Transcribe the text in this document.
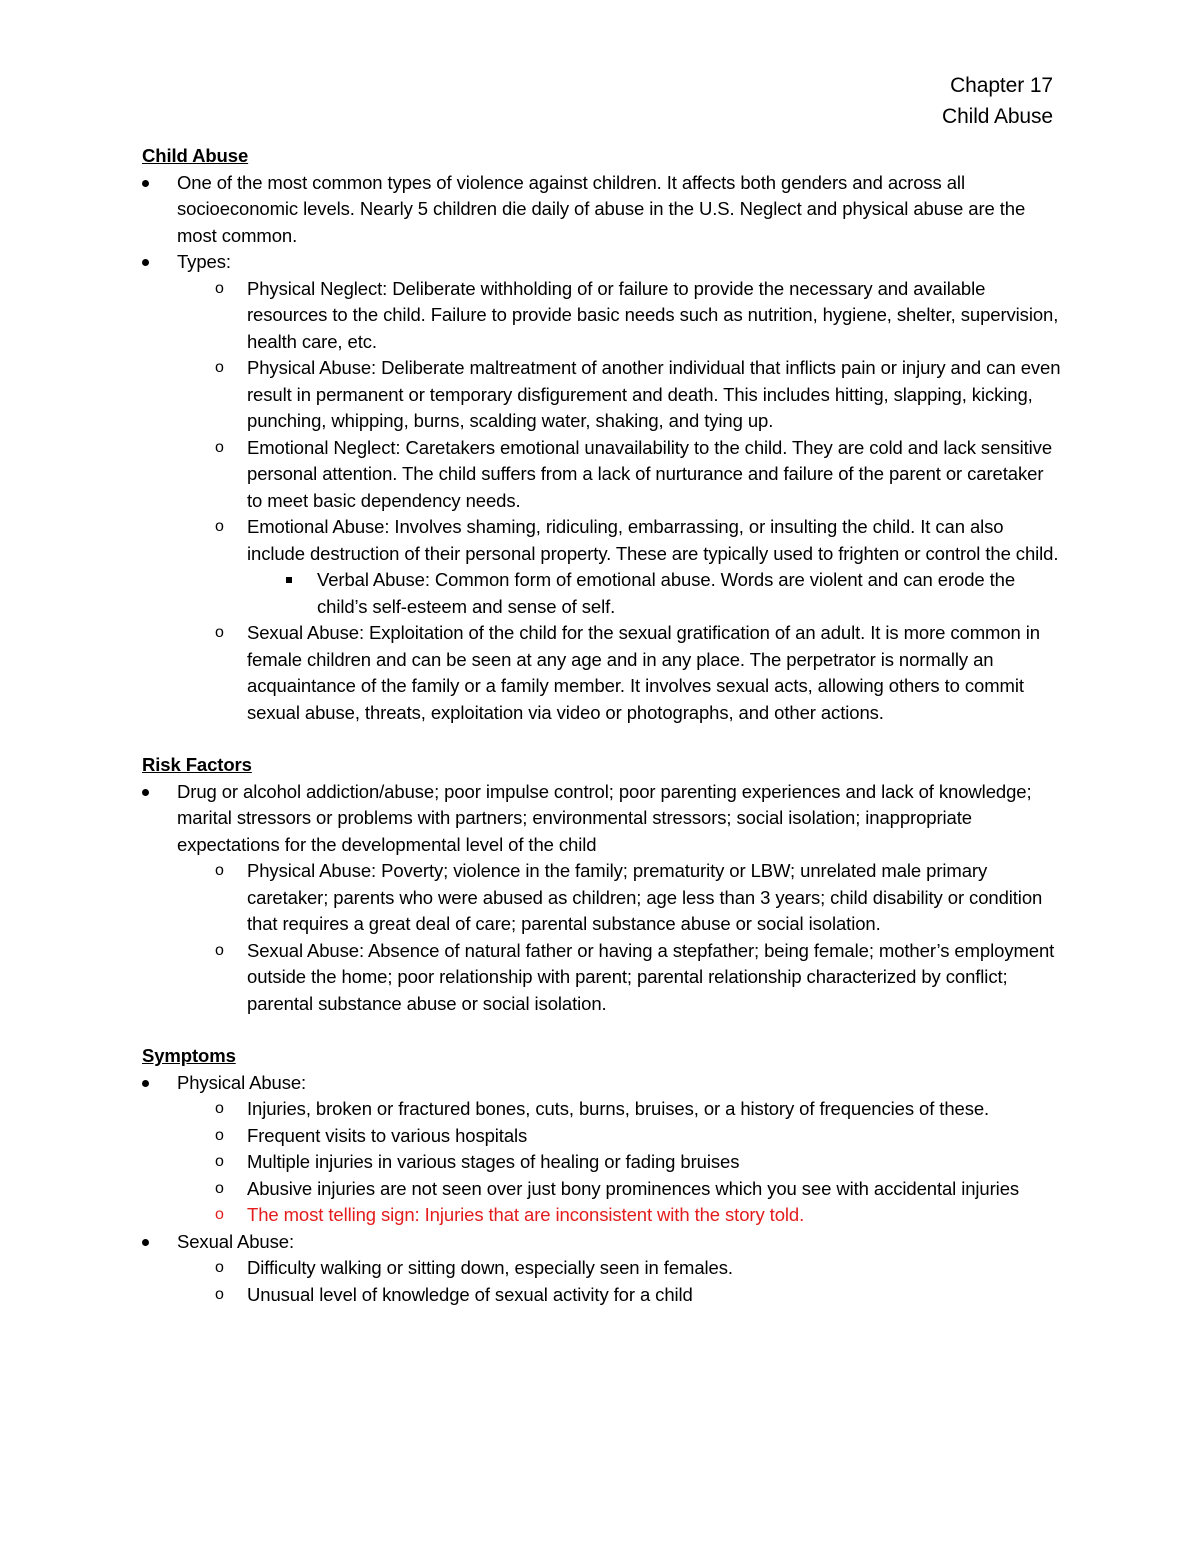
Chapter 17
Child Abuse
Child Abuse
One of the most common types of violence against children. It affects both genders and across all socioeconomic levels. Nearly 5 children die daily of abuse in the U.S. Neglect and physical abuse are the most common.
Types:
o
Physical Neglect: Deliberate withholding of or failure to provide the necessary and available resources to the child. Failure to provide basic needs such as nutrition, hygiene, shelter, supervision, health care, etc.
o
Physical Abuse: Deliberate maltreatment of another individual that inflicts pain or injury and can even result in permanent or temporary disfigurement and death. This includes hitting, slapping, kicking, punching, whipping, burns, scalding water, shaking, and tying up.
o
Emotional Neglect: Caretakers emotional unavailability to the child. They are cold and lack sensitive personal attention. The child suffers from a lack of nurturance and failure of the parent or caretaker to meet basic dependency needs.
o
Emotional Abuse: Involves shaming, ridiculing, embarrassing, or insulting the child. It can also include destruction of their personal property. These are typically used to frighten or control the child.
Verbal Abuse: Common form of emotional abuse. Words are violent and can erode the child’s self-esteem and sense of self.
o
Sexual Abuse: Exploitation of the child for the sexual gratification of an adult. It is more common in female children and can be seen at any age and in any place. The perpetrator is normally an acquaintance of the family or a family member. It involves sexual acts, allowing others to commit sexual abuse, threats, exploitation via video or photographs, and other actions.
Risk Factors
Drug or alcohol addiction/abuse; poor impulse control; poor parenting experiences and lack of knowledge; marital stressors or problems with partners; environmental stressors; social isolation; inappropriate expectations for the developmental level of the child
o
Physical Abuse: Poverty; violence in the family; prematurity or LBW; unrelated male primary caretaker; parents who were abused as children; age less than 3 years; child disability or condition that requires a great deal of care; parental substance abuse or social isolation.
o
Sexual Abuse: Absence of natural father or having a stepfather; being female; mother’s employment outside the home; poor relationship with parent; parental relationship characterized by conflict; parental substance abuse or social isolation.
Symptoms
Physical Abuse:
o
Injuries, broken or fractured bones, cuts, burns, bruises, or a history of frequencies of these.
o
Frequent visits to various hospitals
o
Multiple injuries in various stages of healing or fading bruises
o
Abusive injuries are not seen over just bony prominences which you see with accidental injuries
o
The most telling sign: Injuries that are inconsistent with the story told.
Sexual Abuse:
o
Difficulty walking or sitting down, especially seen in females.
o
Unusual level of knowledge of sexual activity for a child
